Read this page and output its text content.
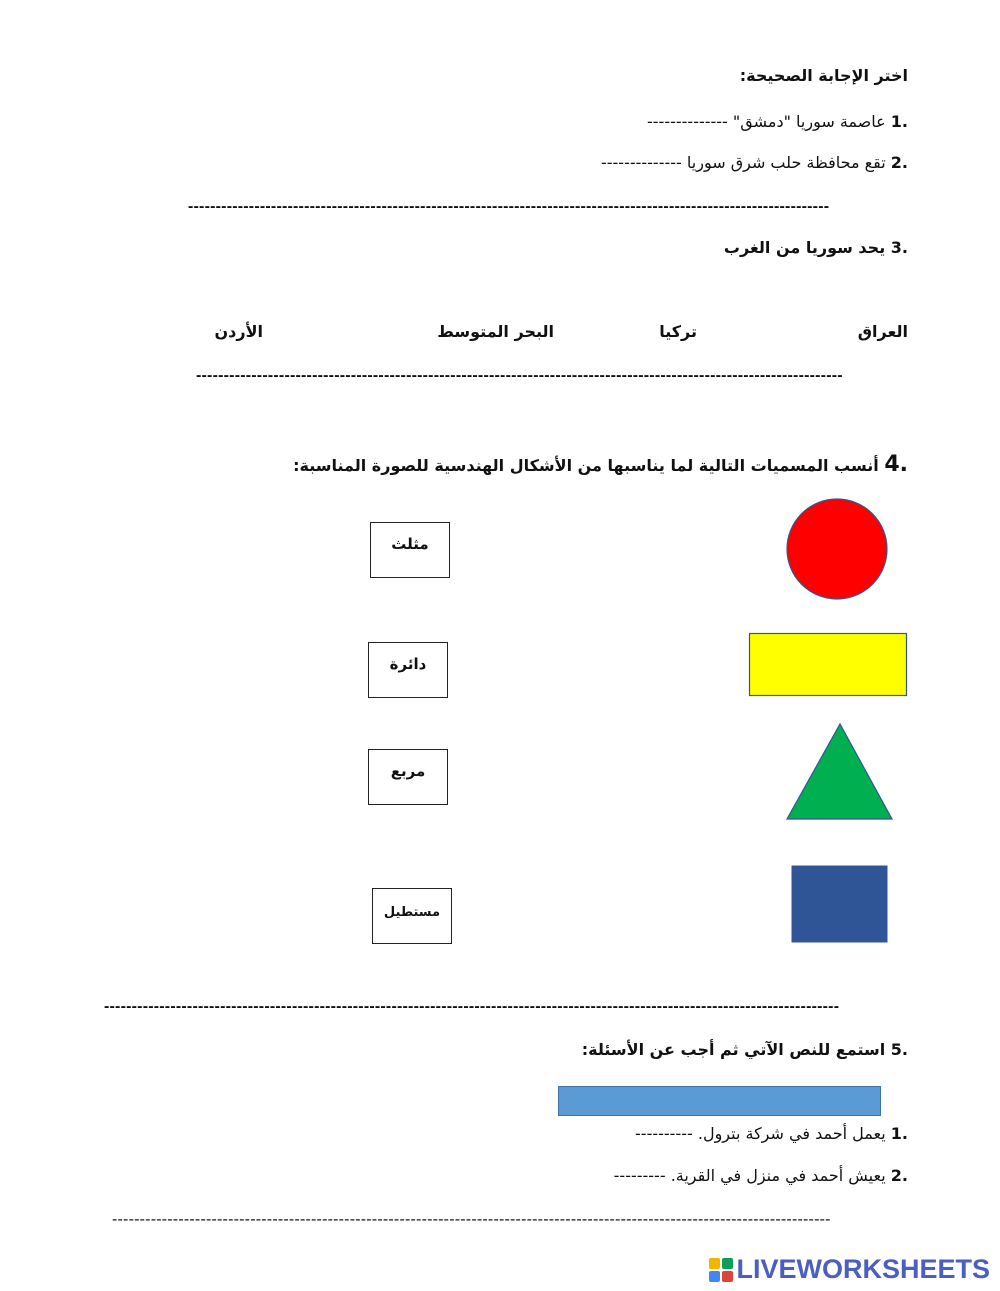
اختر الإجابة الصحيحة:
.1 عاصمة سوريا "دمشق" --------------
.2 تقع محافظة حلب شرق سوريا --------------
--------------------------------------------------------------------------------------------------------------------
.3 يحد سوريا من الغرب
العراق
تركيا
البحر المتوسط
الأردن
---------------------------------------------------------------------------------------------------------------------
.4 أنسب المسميات التالية لما يناسبها من الأشكال الهندسية للصورة المناسبة:
مثلث
دائرة
مربع
مستطيل
-------------------------------------------------------------------------------------------------------------------------------------
.5 استمع للنص الآتي ثم أجب عن الأسئلة:
.1 يعمل أحمد في شركة بترول. ----------
.2 يعيش أحمد في منزل في القرية. ---------
----------------------------------------------------------------------------------------------------------------------------------
LIVEWORKSHEETS
